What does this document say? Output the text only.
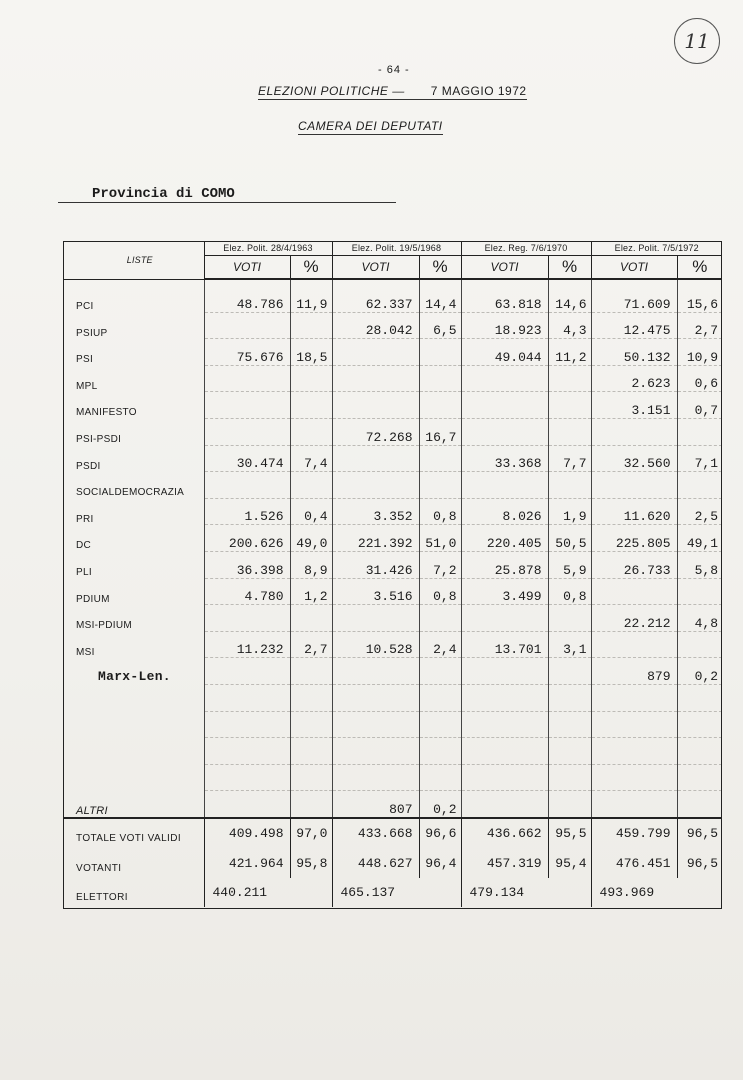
11
- 64 -
ELEZIONI POLITICHE — 7 MAGGIO 1972
CAMERA DEI DEPUTATI
Provincia di COMO
LISTE	Elez. Polit. 28/4/1963		Elez. Polit. 19/5/1968		Elez. Reg. 7/6/1970		Elez. Polit. 7/5/1972	
	VOTI	%	VOTI	%	VOTI	%	VOTI	%
PCI	48.786	11,9	62.337	14,4	63.818	14,6	71.609	15,6
PSIUP			28.042	6,5	18.923	4,3	12.475	2,7
PSI	75.676	18,5			49.044	11,2	50.132	10,9
MPL							2.623	0,6
MANIFESTO							3.151	0,7
PSI-PSDI			72.268	16,7				
PSDI	30.474	7,4			33.368	7,7	32.560	7,1
SOCIALDEMOCRAZIA								
PRI	1.526	0,4	3.352	0,8	8.026	1,9	11.620	2,5
DC	200.626	49,0	221.392	51,0	220.405	50,5	225.805	49,1
PLI	36.398	8,9	31.426	7,2	25.878	5,9	26.733	5,8
PDIUM	4.780	1,2	3.516	0,8	3.499	0,8		
MSI-PDIUM							22.212	4,8
MSI	11.232	2,7	10.528	2,4	13.701	3,1		
Marx-Len.							879	0,2

ALTRI			807	0,2				
TOTALE VOTI VALIDI	409.498	97,0	433.668	96,6	436.662	95,5	459.799	96,5
VOTANTI	421.964	95,8	448.627	96,4	457.319	95,4	476.451	96,5
ELETTORI	440.211		465.137		479.134		493.969	
